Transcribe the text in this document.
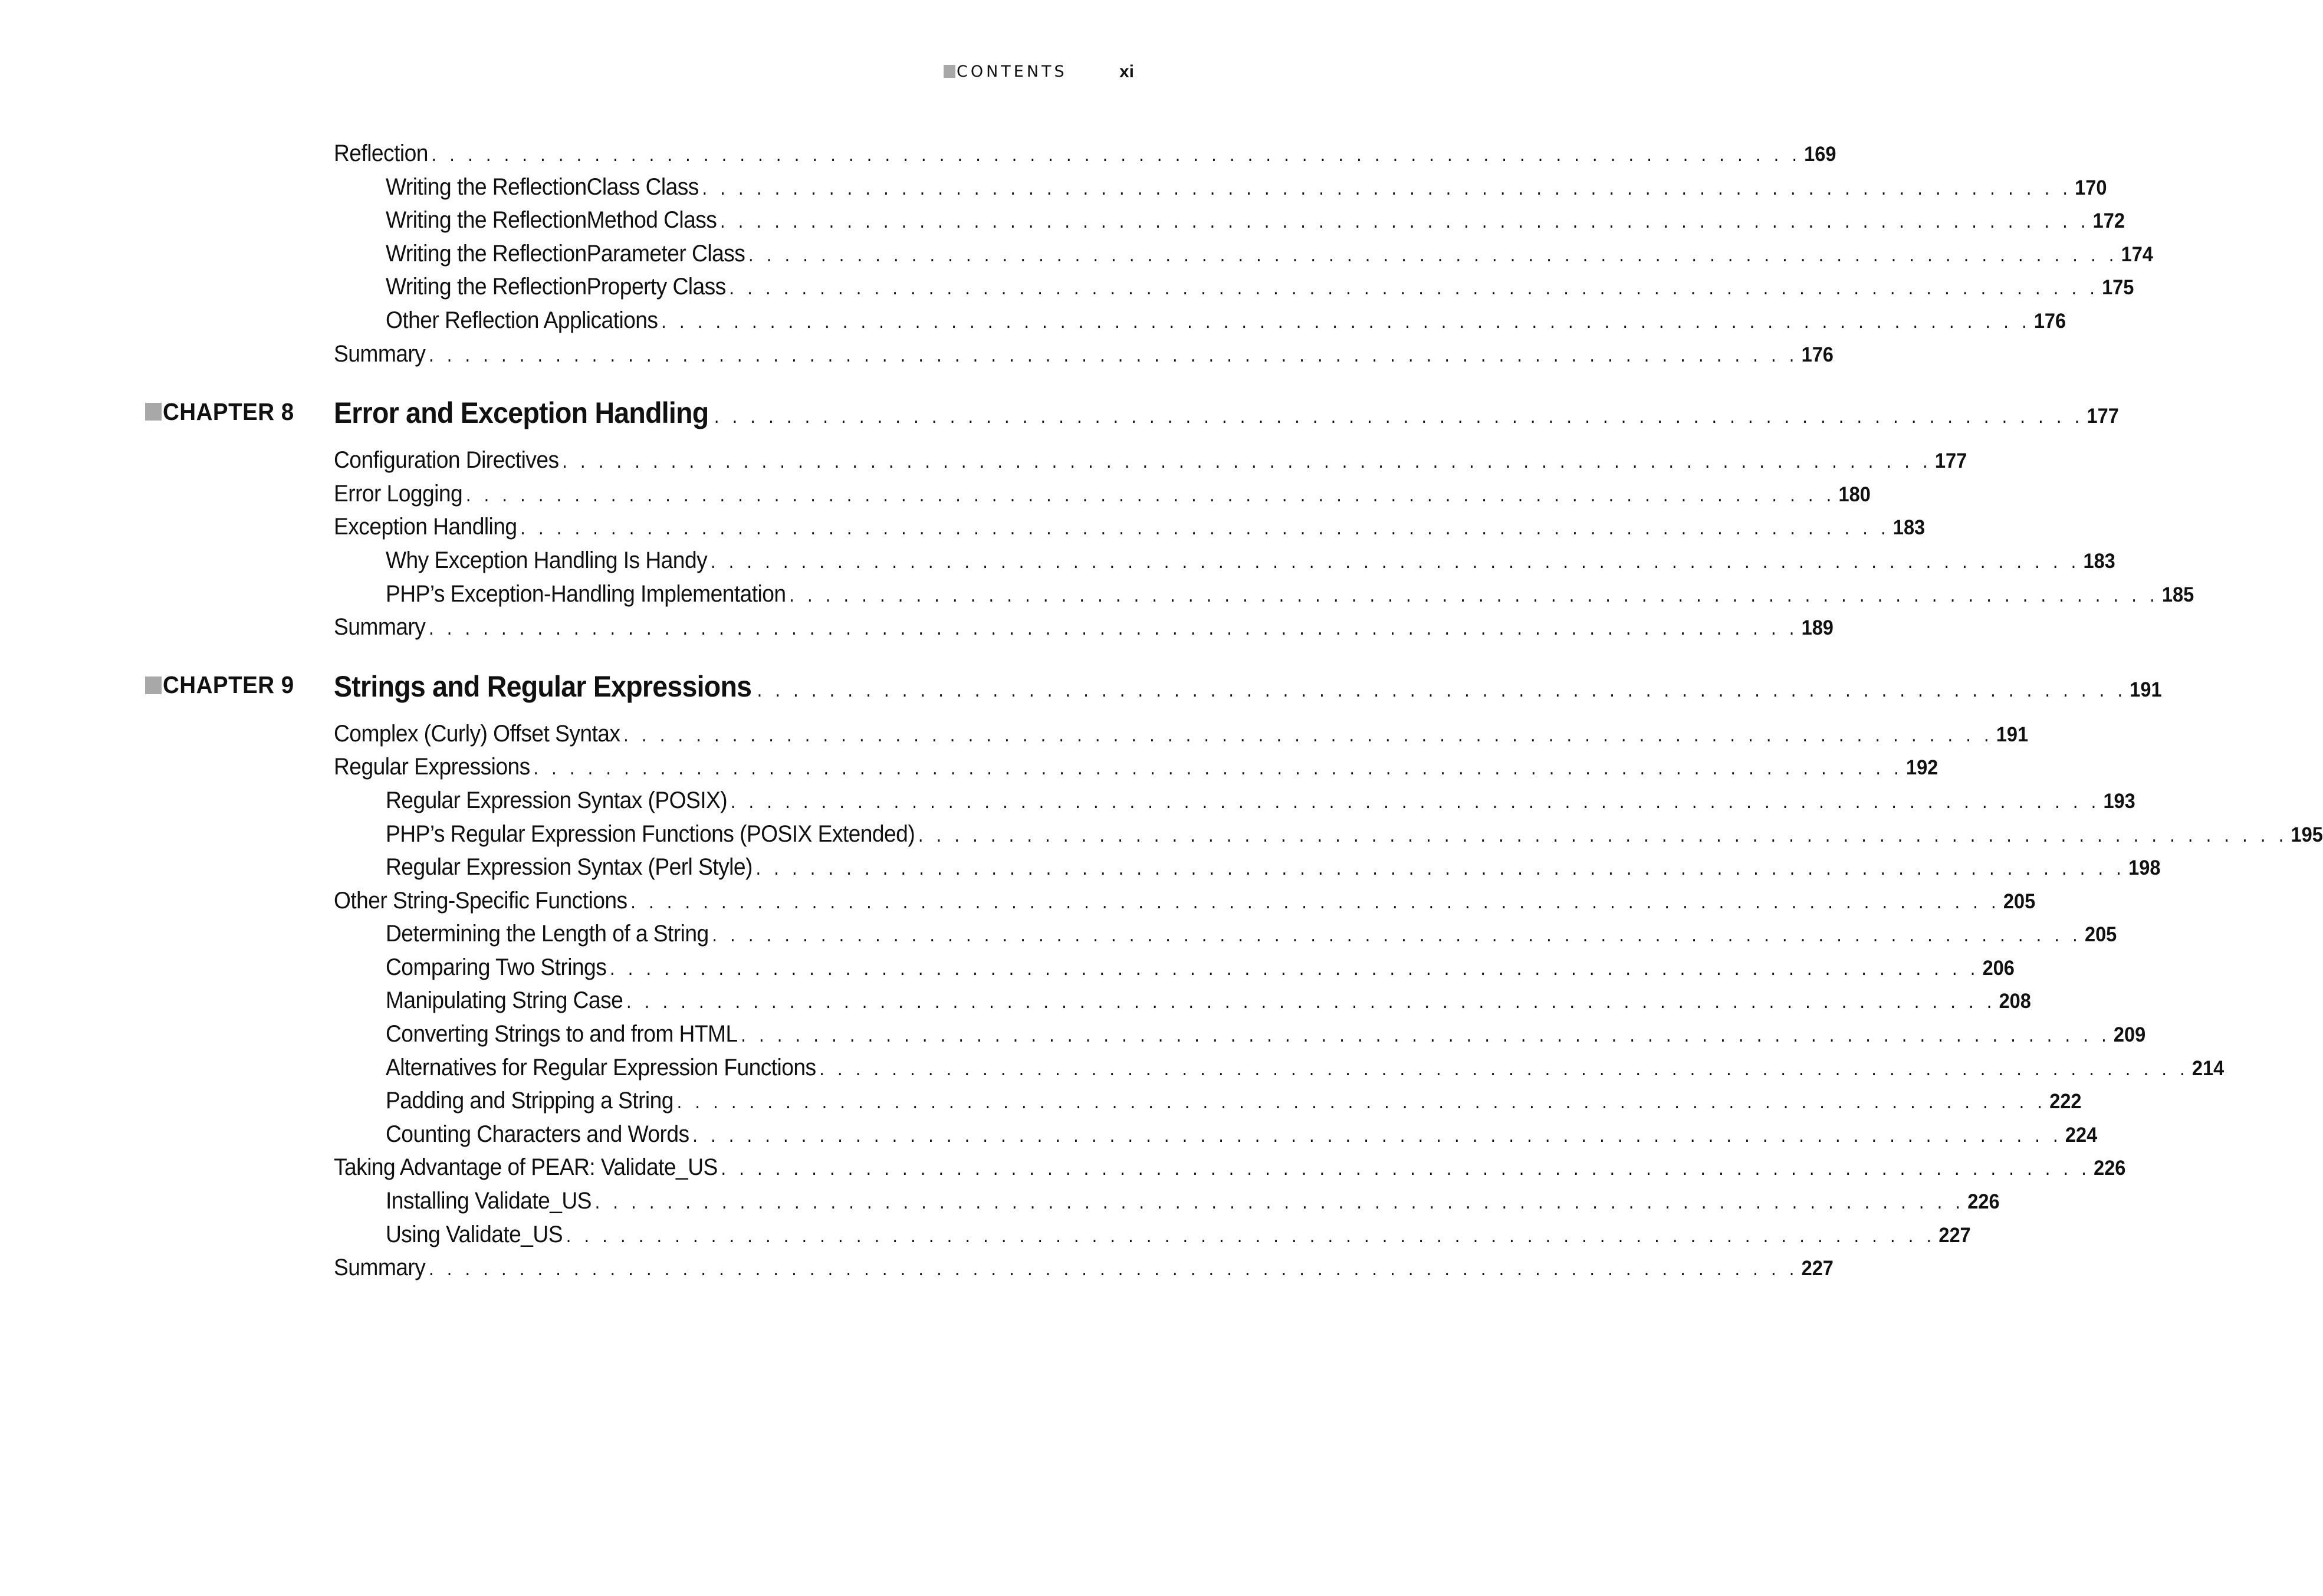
CONTENTS	xi
Reflection . . . . . . . . . . . . . . . . . . . . . . . . . . . . . . . . . . . . . . . . . . . . . . . . . . . . . . . . . . . . . . . . . . . . . . . . . . . . 169
Writing the ReflectionClass Class . . . . . . . . . . . . . . . . . . . . . . . . . . . . . . . . . . . . . . . . . . . . . . . . . . . . . . . . . . . . . . . . . . . . . . . . . . . . 170
Writing the ReflectionMethod Class . . . . . . . . . . . . . . . . . . . . . . . . . . . . . . . . . . . . . . . . . . . . . . . . . . . . . . . . . . . . . . . . . . . . . . . . . . . . 172
Writing the ReflectionParameter Class . . . . . . . . . . . . . . . . . . . . . . . . . . . . . . . . . . . . . . . . . . . . . . . . . . . . . . . . . . . . . . . . . . . . . . . . . . . . 174
Writing the ReflectionProperty Class . . . . . . . . . . . . . . . . . . . . . . . . . . . . . . . . . . . . . . . . . . . . . . . . . . . . . . . . . . . . . . . . . . . . . . . . . . . . 175
Other Reflection Applications . . . . . . . . . . . . . . . . . . . . . . . . . . . . . . . . . . . . . . . . . . . . . . . . . . . . . . . . . . . . . . . . . . . . . . . . . . . . 176
Summary . . . . . . . . . . . . . . . . . . . . . . . . . . . . . . . . . . . . . . . . . . . . . . . . . . . . . . . . . . . . . . . . . . . . . . . . . . . . 176
CHAPTER 8 Error and Exception Handling . . . . . . . . . . . . . . . . . . . . . . . . . . . . . . . . . . . . . . . . . . . . . . . . . . . . . . . . . . . . . . . . . . . . . . . . . . . . 177
Configuration Directives . . . . . . . . . . . . . . . . . . . . . . . . . . . . . . . . . . . . . . . . . . . . . . . . . . . . . . . . . . . . . . . . . . . . . . . . . . . . 177
Error Logging . . . . . . . . . . . . . . . . . . . . . . . . . . . . . . . . . . . . . . . . . . . . . . . . . . . . . . . . . . . . . . . . . . . . . . . . . . . . 180
Exception Handling . . . . . . . . . . . . . . . . . . . . . . . . . . . . . . . . . . . . . . . . . . . . . . . . . . . . . . . . . . . . . . . . . . . . . . . . . . . . 183
Why Exception Handling Is Handy . . . . . . . . . . . . . . . . . . . . . . . . . . . . . . . . . . . . . . . . . . . . . . . . . . . . . . . . . . . . . . . . . . . . . . . . . . . . 183
PHP’s Exception-Handling Implementation . . . . . . . . . . . . . . . . . . . . . . . . . . . . . . . . . . . . . . . . . . . . . . . . . . . . . . . . . . . . . . . . . . . . . . . . . . . . 185
Summary . . . . . . . . . . . . . . . . . . . . . . . . . . . . . . . . . . . . . . . . . . . . . . . . . . . . . . . . . . . . . . . . . . . . . . . . . . . . 189
CHAPTER 9 Strings and Regular Expressions . . . . . . . . . . . . . . . . . . . . . . . . . . . . . . . . . . . . . . . . . . . . . . . . . . . . . . . . . . . . . . . . . . . . . . . . . . . . 191
Complex (Curly) Offset Syntax . . . . . . . . . . . . . . . . . . . . . . . . . . . . . . . . . . . . . . . . . . . . . . . . . . . . . . . . . . . . . . . . . . . . . . . . . . . . 191
Regular Expressions . . . . . . . . . . . . . . . . . . . . . . . . . . . . . . . . . . . . . . . . . . . . . . . . . . . . . . . . . . . . . . . . . . . . . . . . . . . . 192
Regular Expression Syntax (POSIX) . . . . . . . . . . . . . . . . . . . . . . . . . . . . . . . . . . . . . . . . . . . . . . . . . . . . . . . . . . . . . . . . . . . . . . . . . . . . 193
PHP’s Regular Expression Functions (POSIX Extended) . . . . . . . . . . . . . . . . . . . . . . . . . . . . . . . . . . . . . . . . . . . . . . . . . . . . . . . . . . . . . . . . . . . . . . . . . . . . 195
Regular Expression Syntax (Perl Style) . . . . . . . . . . . . . . . . . . . . . . . . . . . . . . . . . . . . . . . . . . . . . . . . . . . . . . . . . . . . . . . . . . . . . . . . . . . . 198
Other String-Specific Functions . . . . . . . . . . . . . . . . . . . . . . . . . . . . . . . . . . . . . . . . . . . . . . . . . . . . . . . . . . . . . . . . . . . . . . . . . . . . 205
Determining the Length of a String . . . . . . . . . . . . . . . . . . . . . . . . . . . . . . . . . . . . . . . . . . . . . . . . . . . . . . . . . . . . . . . . . . . . . . . . . . . . 205
Comparing Two Strings . . . . . . . . . . . . . . . . . . . . . . . . . . . . . . . . . . . . . . . . . . . . . . . . . . . . . . . . . . . . . . . . . . . . . . . . . . . . 206
Manipulating String Case . . . . . . . . . . . . . . . . . . . . . . . . . . . . . . . . . . . . . . . . . . . . . . . . . . . . . . . . . . . . . . . . . . . . . . . . . . . . 208
Converting Strings to and from HTML . . . . . . . . . . . . . . . . . . . . . . . . . . . . . . . . . . . . . . . . . . . . . . . . . . . . . . . . . . . . . . . . . . . . . . . . . . . . 209
Alternatives for Regular Expression Functions . . . . . . . . . . . . . . . . . . . . . . . . . . . . . . . . . . . . . . . . . . . . . . . . . . . . . . . . . . . . . . . . . . . . . . . . . . . . 214
Padding and Stripping a String . . . . . . . . . . . . . . . . . . . . . . . . . . . . . . . . . . . . . . . . . . . . . . . . . . . . . . . . . . . . . . . . . . . . . . . . . . . . 222
Counting Characters and Words . . . . . . . . . . . . . . . . . . . . . . . . . . . . . . . . . . . . . . . . . . . . . . . . . . . . . . . . . . . . . . . . . . . . . . . . . . . . 224
Taking Advantage of PEAR: Validate_US . . . . . . . . . . . . . . . . . . . . . . . . . . . . . . . . . . . . . . . . . . . . . . . . . . . . . . . . . . . . . . . . . . . . . . . . . . . . 226
Installing Validate_US . . . . . . . . . . . . . . . . . . . . . . . . . . . . . . . . . . . . . . . . . . . . . . . . . . . . . . . . . . . . . . . . . . . . . . . . . . . . 226
Using Validate_US . . . . . . . . . . . . . . . . . . . . . . . . . . . . . . . . . . . . . . . . . . . . . . . . . . . . . . . . . . . . . . . . . . . . . . . . . . . . 227
Summary . . . . . . . . . . . . . . . . . . . . . . . . . . . . . . . . . . . . . . . . . . . . . . . . . . . . . . . . . . . . . . . . . . . . . . . . . . . . 227
